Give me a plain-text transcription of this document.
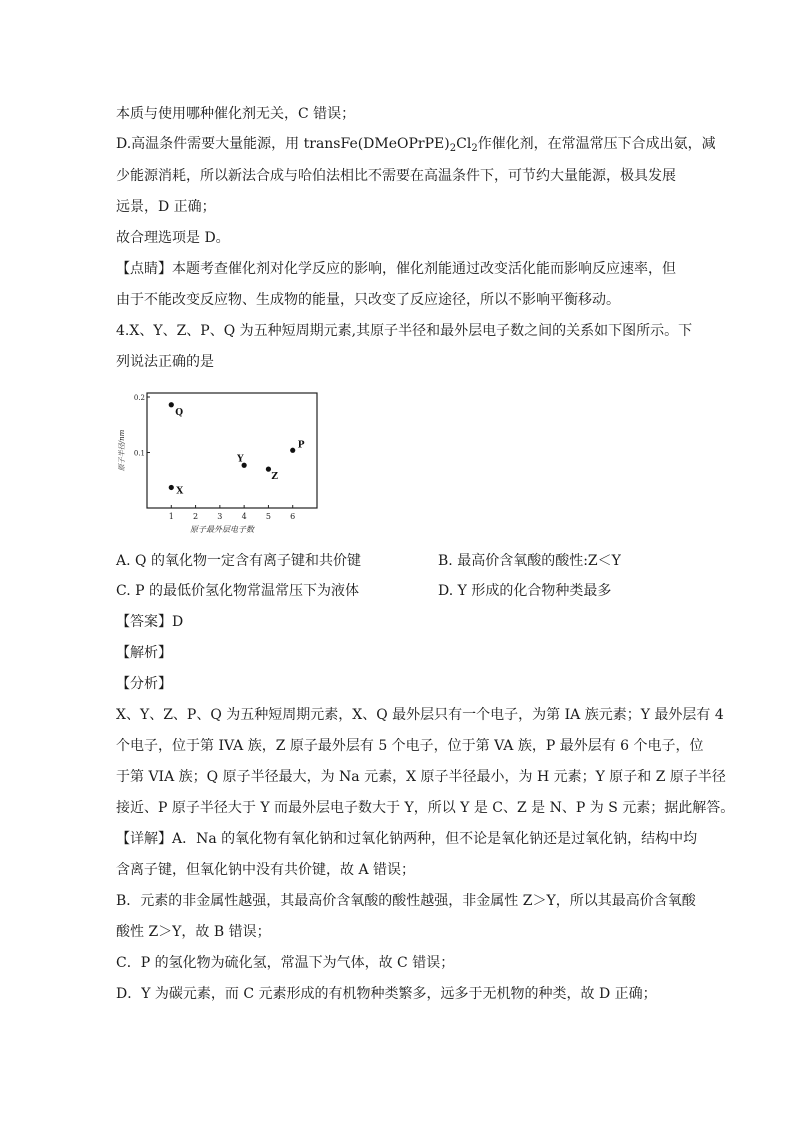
本质与使用哪种催化剂无关，C 错误；
D.高温条件需要大量能源，用 $transFe(DMeOPrPE)_2Cl_2$作催化剂，在常温常压下合成出氨，减
少能源消耗，所以新法合成与哈伯法相比不需要在高温条件下，可节约大量能源，极具发展
远景，D 正确；
故合理选项是 D。
【点睛】本题考查催化剂对化学反应的影响，催化剂能通过改变活化能而影响反应速率，但
由于不能改变反应物、生成物的能量，只改变了反应途径，所以不影响平衡移动。
4.X、Y、Z、P、Q 为五种短周期元素,其原子半径和最外层电子数之间的关系如下图所示。下
列说法正确的是
1 2 3 4 5 6
0.1
0.2
原子最外层电子数
原子半径/nm
Q
X
Y
Z
P
A. Q 的氧化物一定含有离子键和共价键	B. 最高价含氧酸的酸性:Z＜Y
C. P 的最低价氢化物常温常压下为液体	D. Y 形成的化合物种类最多
【答案】D
【解析】
【分析】
X、Y、Z、P、Q 为五种短周期元素，X、Q 最外层只有一个电子，为第 IA 族元素；Y 最外层有 4
个电子，位于第 IVA 族，Z 原子最外层有 5 个电子，位于第 VA 族，P 最外层有 6 个电子，位
于第 VIA 族；Q 原子半径最大，为 Na 元素，X 原子半径最小，为 H 元素；Y 原子和 Z 原子半径
接近、P 原子半径大于 Y 而最外层电子数大于 Y，所以 Y 是 C、Z 是 N、P 为 S 元素；据此解答。
【详解】A．Na 的氧化物有氧化钠和过氧化钠两种，但不论是氧化钠还是过氧化钠，结构中均
含离子键，但氧化钠中没有共价键，故 A 错误；
B．元素的非金属性越强，其最高价含氧酸的酸性越强，非金属性 Z＞Y，所以其最高价含氧酸
酸性 Z＞Y，故 B 错误；
C．P 的氢化物为硫化氢，常温下为气体，故 C 错误；
D．Y 为碳元素，而 C 元素形成的有机物种类繁多，远多于无机物的种类，故 D 正确；
